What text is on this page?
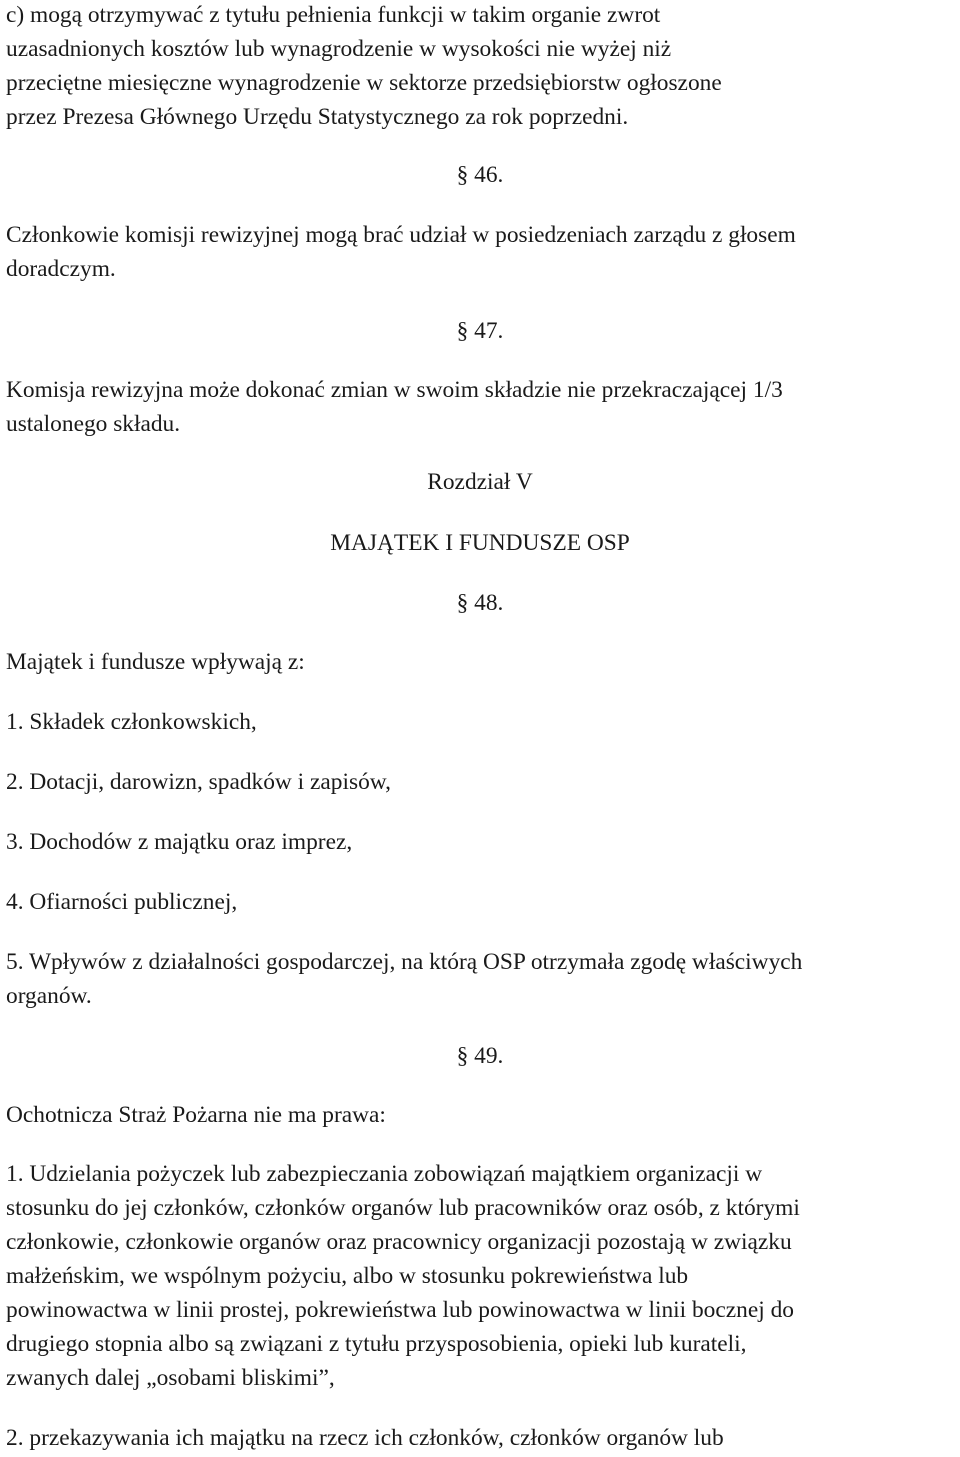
c) mogą otrzymywać z tytułu pełnienia funkcji w takim organie zwrot

uzasadnionych kosztów lub wynagrodzenie w wysokości nie wyżej niż

przeciętne miesięczne wynagrodzenie w sektorze przedsiębiorstw ogłoszone

przez Prezesa Głównego Urzędu Statystycznego za rok poprzedni.

§ 46.

Członkowie komisji rewizyjnej mogą brać udział w posiedzeniach zarządu z głosem

doradczym.

§ 47.

Komisja rewizyjna może dokonać zmian w swoim składzie nie przekraczającej 1/3

ustalonego składu.

Rozdział V

MAJĄTEK I FUNDUSZE OSP

§ 48.

Majątek i fundusze wpływają z:

1. Składek członkowskich,

2. Dotacji, darowizn, spadków i zapisów,

3. Dochodów z majątku oraz imprez,

4. Ofiarności publicznej,

5. Wpływów z działalności gospodarczej, na którą OSP otrzymała zgodę właściwych

organów.

§ 49.

Ochotnicza Straż Pożarna nie ma prawa:

1. Udzielania pożyczek lub zabezpieczania zobowiązań majątkiem organizacji w

stosunku do jej członków, członków organów lub pracowników oraz osób, z którymi

członkowie, członkowie organów oraz pracownicy organizacji pozostają w związku

małżeńskim, we wspólnym pożyciu, albo w stosunku pokrewieństwa lub

powinowactwa w linii prostej, pokrewieństwa lub powinowactwa w linii bocznej do

drugiego stopnia albo są związani z tytułu przysposobienia, opieki lub kurateli,

zwanych dalej „osobami bliskimi”,

2. przekazywania ich majątku na rzecz ich członków, członków organów lub
